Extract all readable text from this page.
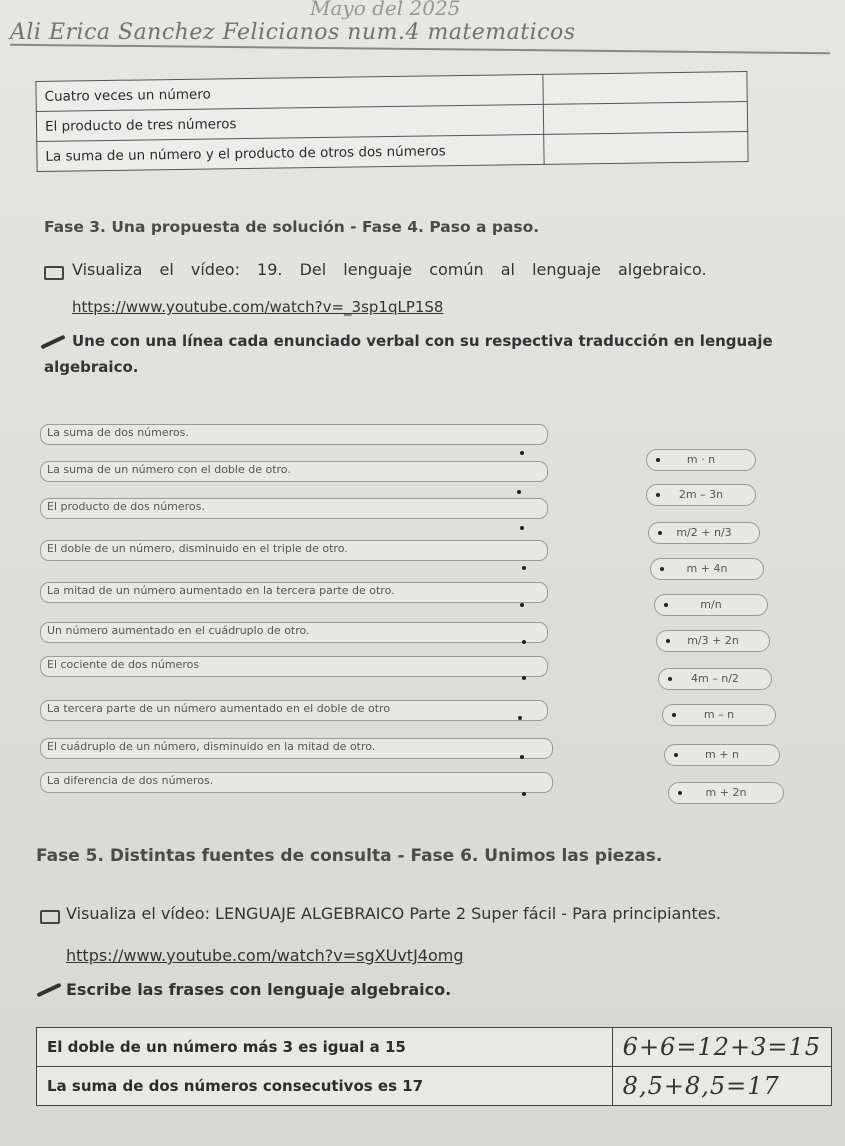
Mayo del 2025
Ali Erica Sanchez Felicianos num.4 matematicos
Cuatro veces un número	
El producto de tres números	
La suma de un número y el producto de otros dos números	
Fase 3. Una propuesta de solución - Fase 4. Paso a paso.
Visualiza el vídeo: 19. Del lenguaje común al lenguaje algebraico.
https://www.youtube.com/watch?v=_3sp1qLP1S8
Une con una línea cada enunciado verbal con su respectiva traducción en lenguaje
algebraico.
La suma de dos números.
La suma de un número con el doble de otro.
El producto de dos números.
El doble de un número, disminuido en el triple de otro.
La mitad de un número aumentado en la tercera parte de otro.
Un número aumentado en el cuádruplo de otro.
El cociente de dos números
La tercera parte de un número aumentado en el doble de otro
El cuádruplo de un número, disminuido en la mitad de otro.
La diferencia de dos números.
m · n
2m – 3n
m/2 + n/3
m + 4n
m/n
m/3 + 2n
4m – n/2
m – n
m + n
m + 2n
Fase 5. Distintas fuentes de consulta - Fase 6. Unimos las piezas.
Visualiza el vídeo: LENGUAJE ALGEBRAICO Parte 2 Super fácil - Para principiantes.
https://www.youtube.com/watch?v=sgXUvtJ4omg
Escribe las frases con lenguaje algebraico.
El doble de un número más 3 es igual a 15	6+6=12+3=15
La suma de dos números consecutivos es 17	8,5+8,5=17
